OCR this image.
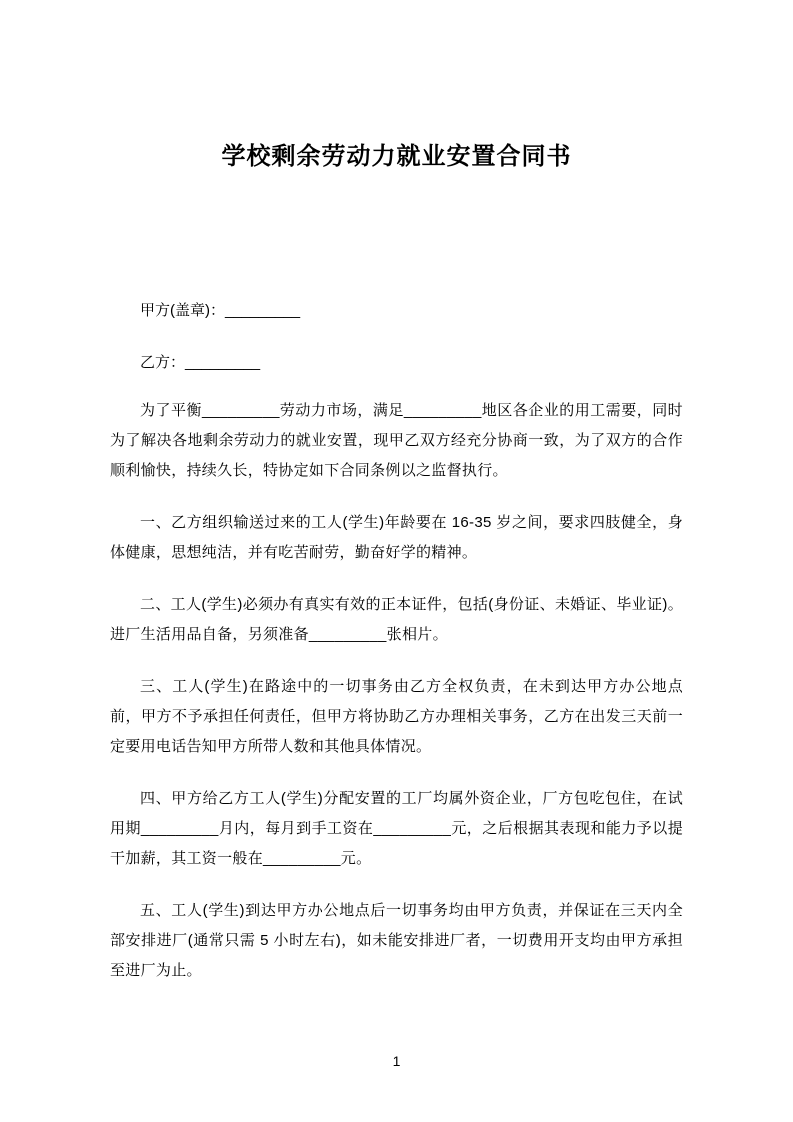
学校剩余劳动力就业安置合同书

甲方(盖章)：_________

乙方：_________

为了平衡_________劳动力市场，满足_________地区各企业的用工需要，同时为了解决各地剩余劳动力的就业安置，现甲乙双方经充分协商一致，为了双方的合作顺利愉快，持续久长，特协定如下合同条例以之监督执行。

一、乙方组织输送过来的工人(学生)年龄要在 16-35 岁之间，要求四肢健全，身体健康，思想纯洁，并有吃苦耐劳，勤奋好学的精神。

二、工人(学生)必须办有真实有效的正本证件，包括(身份证、未婚证、毕业证)。进厂生活用品自备，另须准备_________张相片。

三、工人(学生)在路途中的一切事务由乙方全权负责，在未到达甲方办公地点前，甲方不予承担任何责任，但甲方将协助乙方办理相关事务，乙方在出发三天前一定要用电话告知甲方所带人数和其他具体情况。

四、甲方给乙方工人(学生)分配安置的工厂均属外资企业，厂方包吃包住，在试用期_________月内，每月到手工资在_________元，之后根据其表现和能力予以提干加薪，其工资一般在_________元。

五、工人(学生)到达甲方办公地点后一切事务均由甲方负责，并保证在三天内全部安排进厂(通常只需 5 小时左右)，如未能安排进厂者，一切费用开支均由甲方承担至进厂为止。

1
